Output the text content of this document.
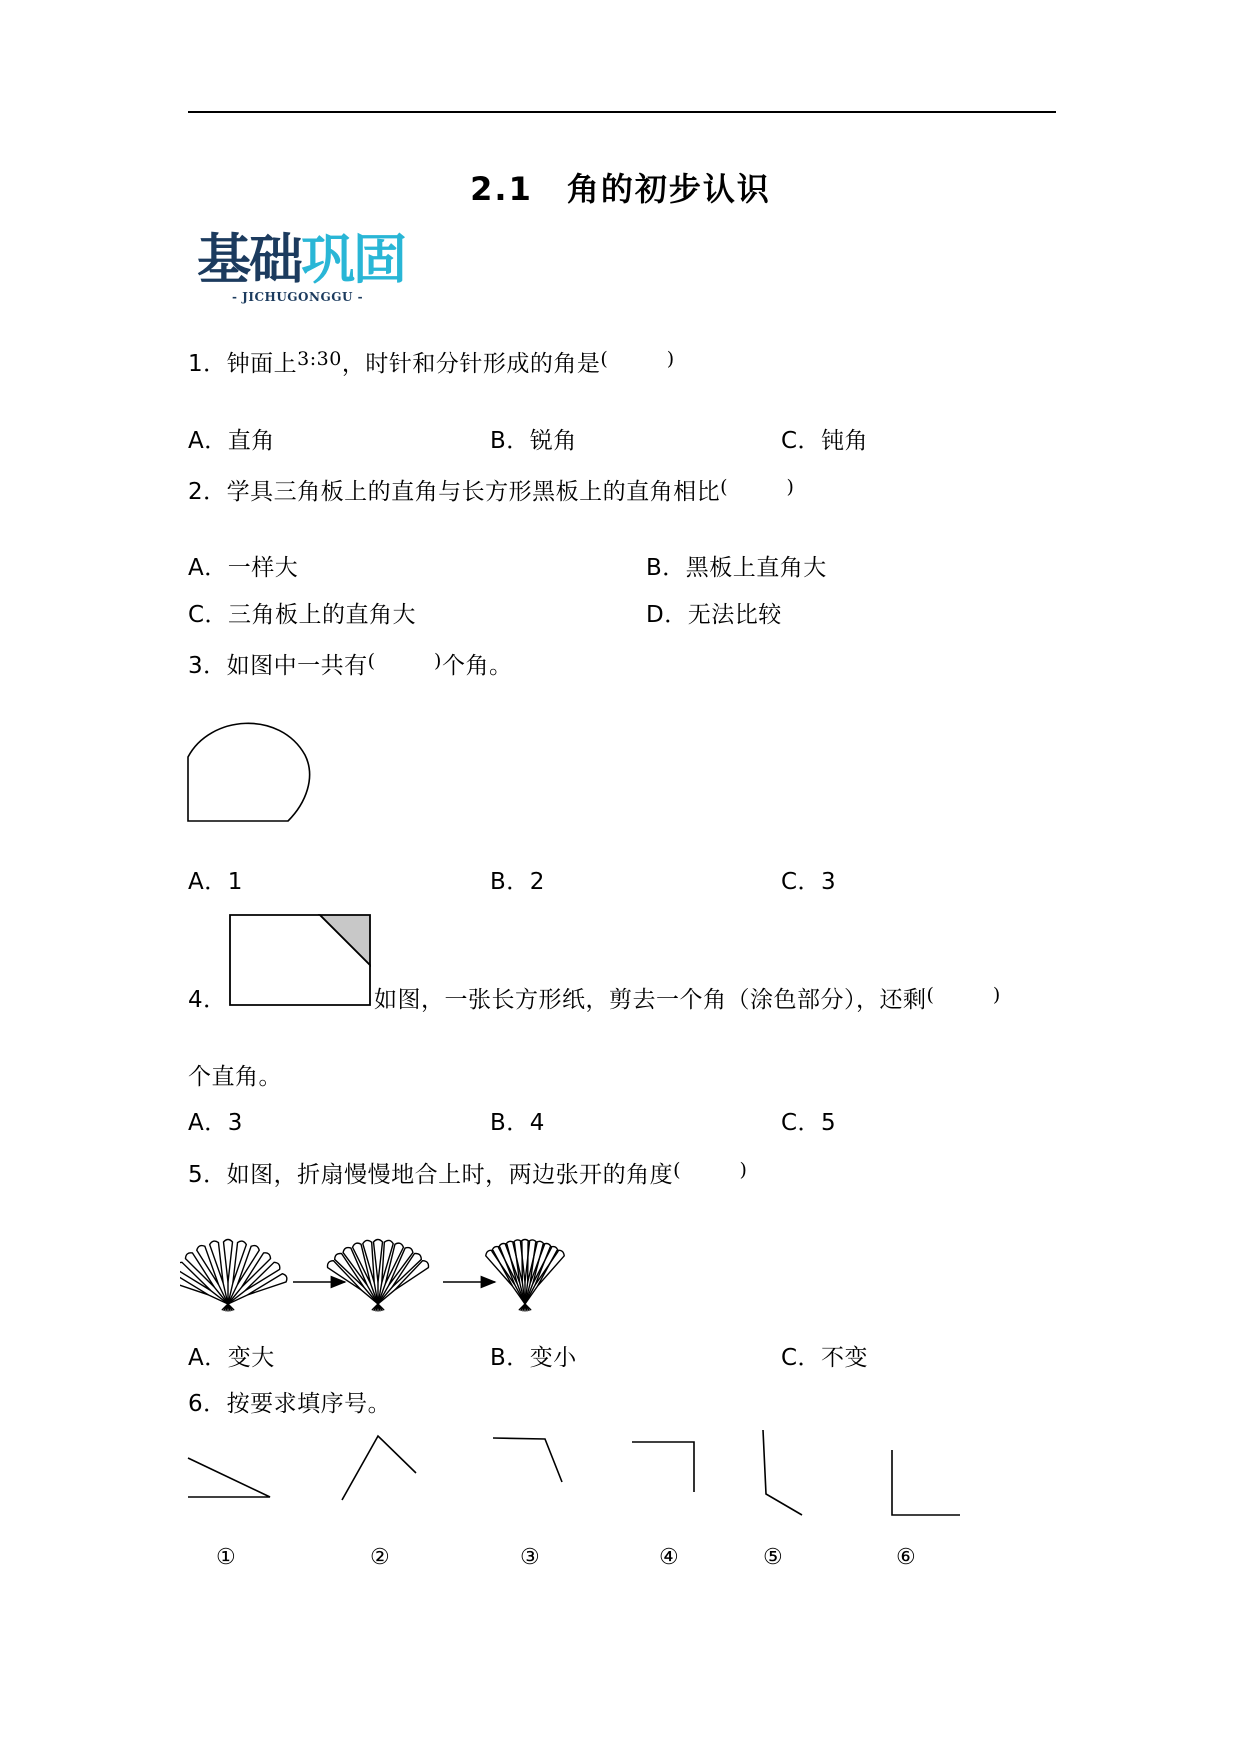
2.1　角的初步认识
基础巩固
- JICHUGONGGU -
1．钟面上$^{3:30}$，时针和分针形成的角是(　　　)
A．直角	B．锐角	C．钝角
2．学具三角板上的直角与长方形黑板上的直角相比(　　　)
A．一样大	B．黑板上直角大
C．三角板上的直角大	D．无法比较
3．如图中一共有(　　　)个角。
A．1	B．2	C．3
4．	如图，一张长方形纸，剪去一个角（涂色部分），还剩(　　　)
个直角。
A．3	B．4	C．5
5．如图，折扇慢慢地合上时，两边张开的角度(　　　)
A．变大	B．变小	C．不变
6．按要求填序号。
①	②	③	④	⑤	⑥
